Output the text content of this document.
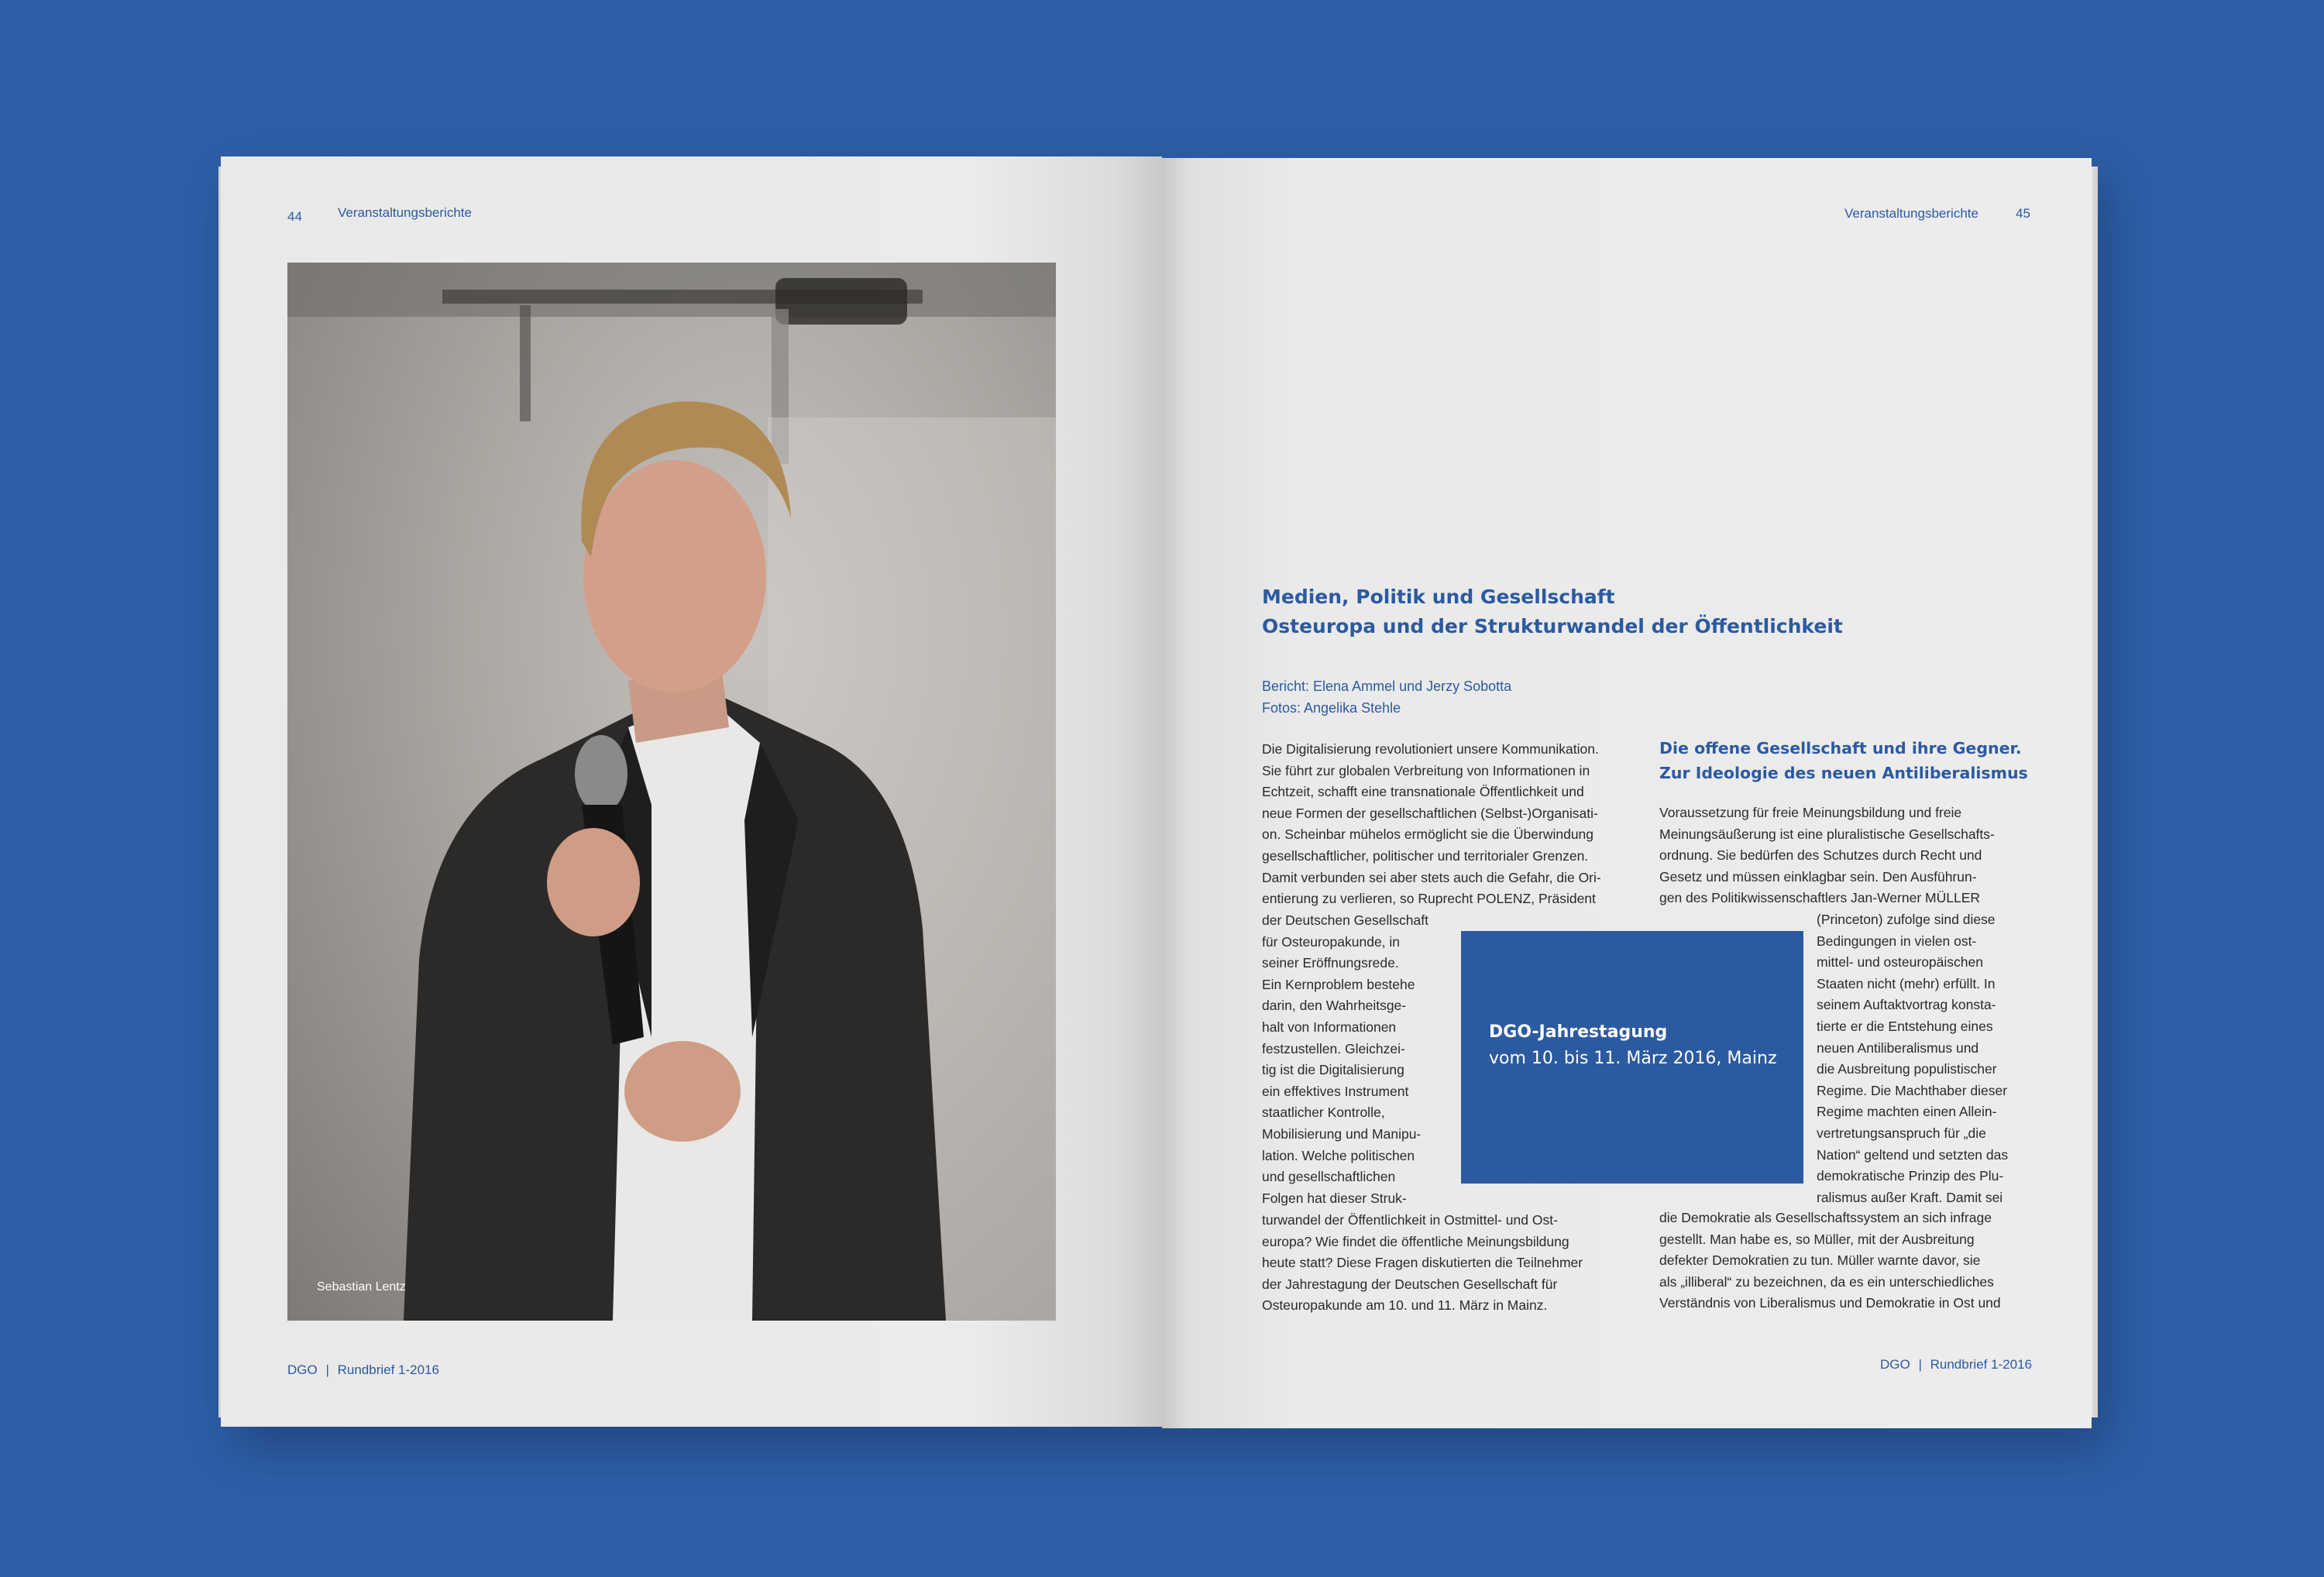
44	Veranstaltungsberichte
Sebastian Lentz
DGO | Rundbrief 1-2016
Veranstaltungsberichte	45
Medien, Politik und Gesellschaft
Osteuropa und der Strukturwandel der Öffentlichkeit
Bericht: Elena Ammel und Jerzy Sobotta
Fotos: Angelika Stehle
Die Digitalisierung revolutioniert unsere Kommunikation.
Sie führt zur globalen Verbreitung von Informationen in
Echtzeit, schafft eine transnationale Öffentlichkeit und
neue Formen der gesellschaftlichen (Selbst-)Organisati-
on. Scheinbar mühelos ermöglicht sie die Überwindung
gesellschaftlicher, politischer und territorialer Grenzen.
Damit verbunden sei aber stets auch die Gefahr, die Ori-
entierung zu verlieren, so Ruprecht POLENZ, Präsident
der Deutschen Gesellschaft
für Osteuropakunde, in
seiner Eröffnungsrede.
Ein Kernproblem bestehe
darin, den Wahrheitsge-
halt von Informationen
festzustellen. Gleichzei-
tig ist die Digitalisierung
ein effektives Instrument
staatlicher Kontrolle,
Mobilisierung und Manipu-
lation. Welche politischen
und gesellschaftlichen
Folgen hat dieser Struk-
turwandel der Öffentlichkeit in Ostmittel- und Ost-
europa? Wie findet die öffentliche Meinungsbildung
heute statt? Diese Fragen diskutierten die Teilnehmer
der Jahrestagung der Deutschen Gesellschaft für
Osteuropakunde am 10. und 11. März in Mainz.
Die offene Gesellschaft und ihre Gegner.
Zur Ideologie des neuen Antiliberalismus
Voraussetzung für freie Meinungsbildung und freie
Meinungsäußerung ist eine pluralistische Gesellschafts-
ordnung. Sie bedürfen des Schutzes durch Recht und
Gesetz und müssen einklagbar sein. Den Ausführun-
gen des Politikwissenschaftlers Jan-Werner MÜLLER
(Princeton) zufolge sind diese
Bedingungen in vielen ost-
mittel- und osteuropäischen
Staaten nicht (mehr) erfüllt. In
seinem Auftaktvortrag konsta-
tierte er die Entstehung eines
neuen Antiliberalismus und
die Ausbreitung populistischer
Regime. Die Machthaber dieser
Regime machten einen Allein-
vertretungsanspruch für „die
Nation“ geltend und setzten das
demokratische Prinzip des Plu-
ralismus außer Kraft. Damit sei
die Demokratie als Gesellschaftssystem an sich infrage
gestellt. Man habe es, so Müller, mit der Ausbreitung
defekter Demokratien zu tun. Müller warnte davor, sie
als „illiberal“ zu bezeichnen, da es ein unterschiedliches
Verständnis von Liberalismus und Demokratie in Ost und
DGO-Jahrestagung
vom 10. bis 11. März 2016, Mainz
DGO | Rundbrief 1-2016
